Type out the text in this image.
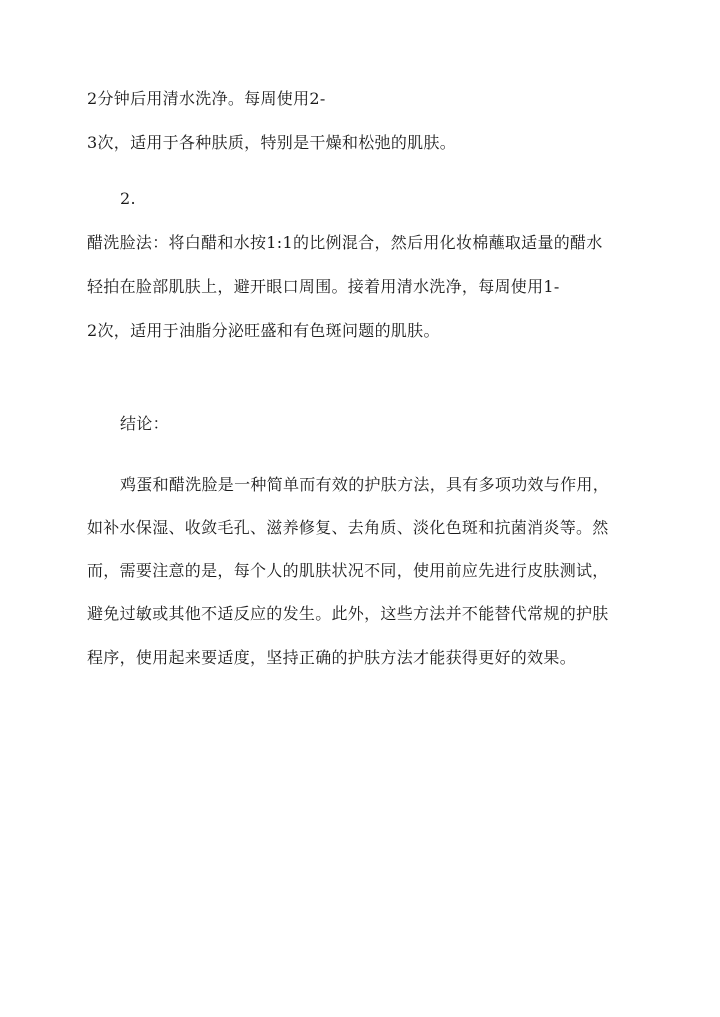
2分钟后用清水洗净。每周使用2-
3次，适用于各种肤质，特别是干燥和松弛的肌肤。
2.
醋洗脸法：将白醋和水按1:1的比例混合，然后用化妆棉蘸取适量的醋水
轻拍在脸部肌肤上，避开眼口周围。接着用清水洗净，每周使用1-
2次，适用于油脂分泌旺盛和有色斑问题的肌肤。
结论：
鸡蛋和醋洗脸是一种简单而有效的护肤方法，具有多项功效与作用，
如补水保湿、收敛毛孔、滋养修复、去角质、淡化色斑和抗菌消炎等。然
而，需要注意的是，每个人的肌肤状况不同，使用前应先进行皮肤测试，
避免过敏或其他不适反应的发生。此外，这些方法并不能替代常规的护肤
程序，使用起来要适度，坚持正确的护肤方法才能获得更好的效果。
